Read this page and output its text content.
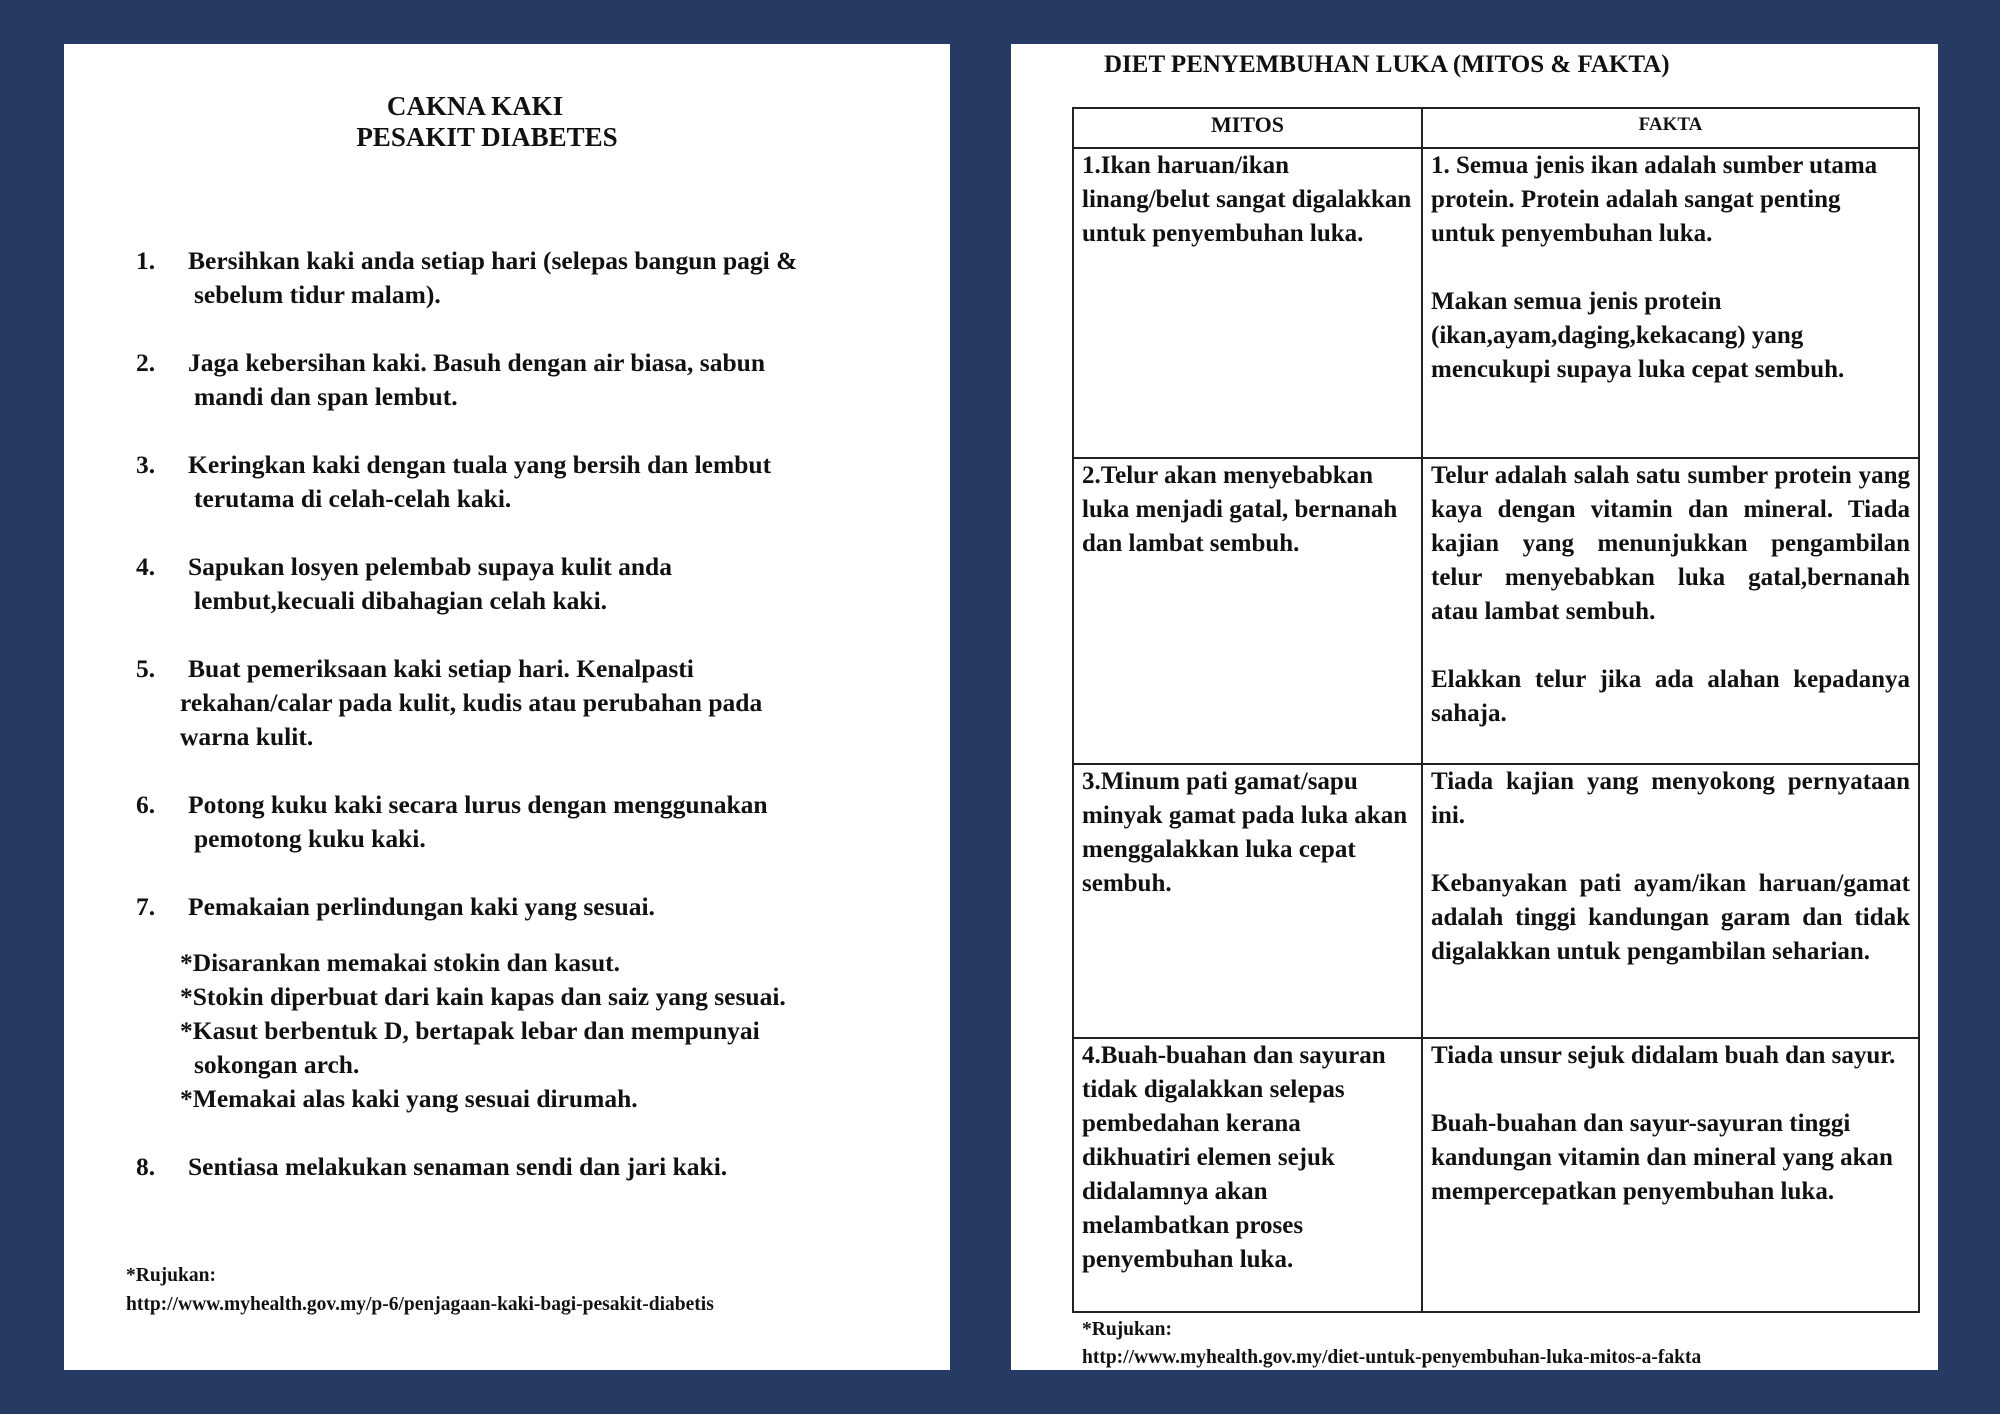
CAKNA KAKI
PESAKIT DIABETES
1.	Bersihkan kaki anda setiap hari (selepas bangun pagi &
sebelum tidur malam).
2.	Jaga kebersihan kaki. Basuh dengan air biasa, sabun
mandi dan span lembut.
3.	Keringkan kaki dengan tuala yang bersih dan lembut
terutama di celah-celah kaki.
4.	Sapukan losyen pelembab supaya kulit anda
lembut,kecuali dibahagian celah kaki.
5.	Buat pemeriksaan kaki setiap hari. Kenalpasti
rekahan/calar pada kulit, kudis atau perubahan pada
warna kulit.
6.	Potong kuku kaki secara lurus dengan menggunakan
pemotong kuku kaki.
7.	Pemakaian perlindungan kaki yang sesuai.
*Disarankan memakai stokin dan kasut.
*Stokin diperbuat dari kain kapas dan saiz yang sesuai.
*Kasut berbentuk D, bertapak lebar dan mempunyai
sokongan arch.
*Memakai alas kaki yang sesuai dirumah.
8.	Sentiasa melakukan senaman sendi dan jari kaki.
*Rujukan:
http://www.myhealth.gov.my/p-6/penjagaan-kaki-bagi-pesakit-diabetis
DIET PENYEMBUHAN LUKA (MITOS & FAKTA)
MITOS	FAKTA
1.Ikan haruan/ikan linang/belut sangat digalakkan untuk penyembuhan luka.	1. Semua jenis ikan adalah sumber utama protein. Protein adalah sangat penting untuk penyembuhan luka.

Makan semua jenis protein (ikan,ayam,daging,kekacang) yang mencukupi supaya luka cepat sembuh.

2.Telur akan menyebabkan luka menjadi gatal, bernanah dan lambat sembuh.	Telur adalah salah satu sumber protein yang kaya dengan vitamin dan mineral. Tiada kajian yang menunjukkan pengambilan telur menyebabkan luka gatal,bernanah atau lambat sembuh.

Elakkan telur jika ada alahan kepadanya sahaja.

3.Minum pati gamat/sapu minyak gamat pada luka akan menggalakkan luka cepat sembuh.	Tiada kajian yang menyokong pernyataan ini.

Kebanyakan pati ayam/ikan haruan/gamat adalah tinggi kandungan garam dan tidak digalakkan untuk pengambilan seharian.

4.Buah-buahan dan sayuran tidak digalakkan selepas pembedahan kerana dikhuatiri elemen sejuk didalamnya akan melambatkan proses penyembuhan luka.	Tiada unsur sejuk didalam buah dan sayur.

Buah-buahan dan sayur-sayuran tinggi kandungan vitamin dan mineral yang akan mempercepatkan penyembuhan luka.

*Rujukan:
http://www.myhealth.gov.my/diet-untuk-penyembuhan-luka-mitos-a-fakta
